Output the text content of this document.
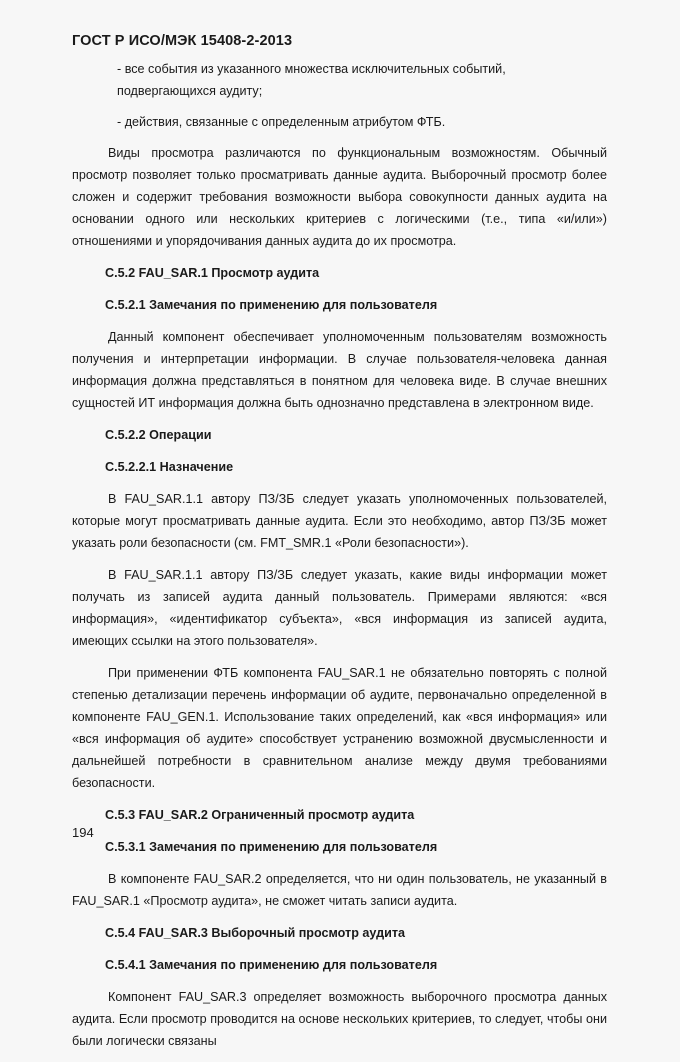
ГОСТ Р ИСО/МЭК 15408-2-2013
- все события из указанного множества исключительных событий, подвергающихся аудиту;
- действия, связанные с определенным атрибутом ФТБ.

Виды просмотра различаются по функциональным возможностям. Обычный просмотр позволяет только просматривать данные аудита. Выборочный просмотр более сложен и содержит требования возможности выбора совокупности данных аудита на основании одного или нескольких критериев с логическими (т.е., типа «и/или») отношениями и упорядочивания данных аудита до их просмотра.

C.5.2 FAU_SAR.1 Просмотр аудита
C.5.2.1 Замечания по применению для пользователя

Данный компонент обеспечивает уполномоченным пользователям возможность получения и интерпретации информации. В случае пользователя-человека данная информация должна представляться в понятном для человека виде. В случае внешних сущностей ИТ информация должна быть однозначно представлена в электронном виде.

C.5.2.2 Операции
C.5.2.2.1 Назначение

В FAU_SAR.1.1 автору ПЗ/ЗБ следует указать уполномоченных пользователей, которые могут просматривать данные аудита. Если это необходимо, автор ПЗ/ЗБ может указать роли безопасности (см. FMT_SMR.1 «Роли безопасности»).

В FAU_SAR.1.1 автору ПЗ/ЗБ следует указать, какие виды информации может получать из записей аудита данный пользователь. Примерами являются: «вся информация», «идентификатор субъекта», «вся информация из записей аудита, имеющих ссылки на этого пользователя».

При применении ФТБ компонента FAU_SAR.1 не обязательно повторять с полной степенью детализации перечень информации об аудите, первоначально определенной в компоненте FAU_GEN.1. Использование таких определений, как «вся информация» или «вся информация об аудите» способствует устранению возможной двусмысленности и дальнейшей потребности в сравнительном анализе между двумя требованиями безопасности.

C.5.3 FAU_SAR.2 Ограниченный просмотр аудита
C.5.3.1 Замечания по применению для пользователя

В компоненте FAU_SAR.2 определяется, что ни один пользователь, не указанный в FAU_SAR.1 «Просмотр аудита», не сможет читать записи аудита.

C.5.4 FAU_SAR.3 Выборочный просмотр аудита
C.5.4.1 Замечания по применению для пользователя

Компонент FAU_SAR.3 определяет возможность выборочного просмотра данных аудита. Если просмотр проводится на основе нескольких критериев, то следует, чтобы они были логически связаны

194
